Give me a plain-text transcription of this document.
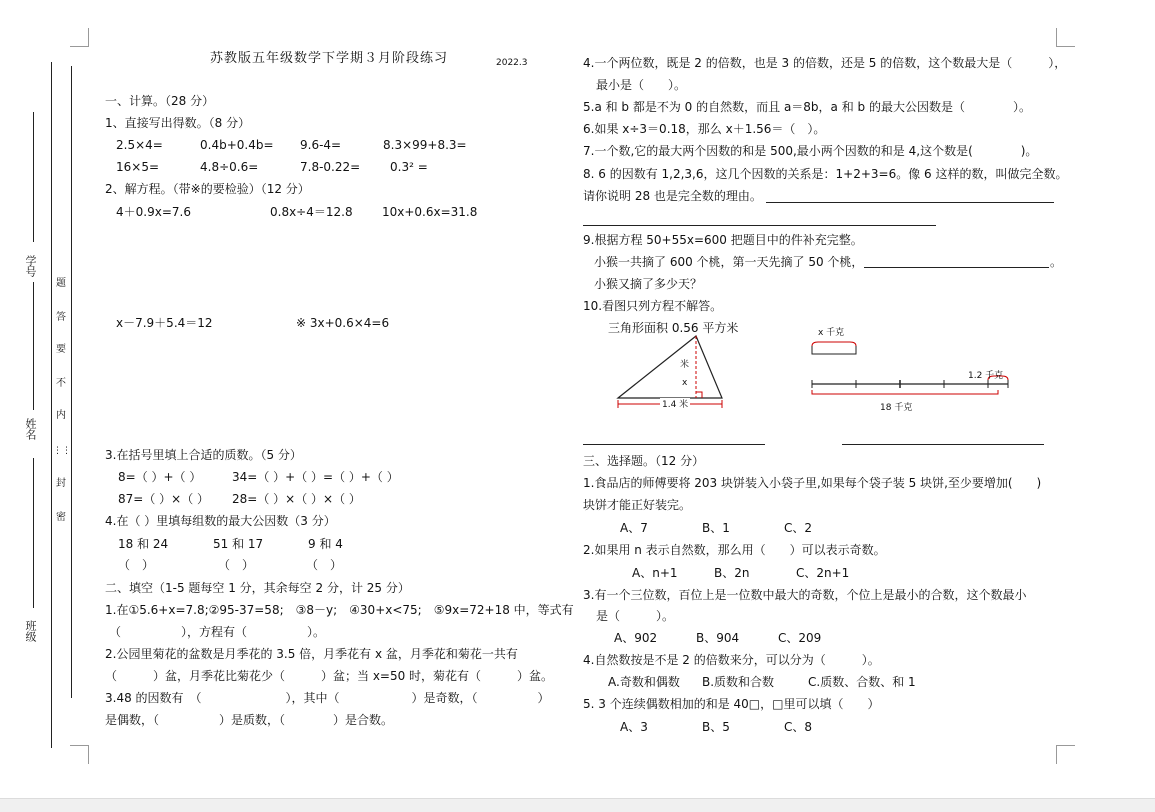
学号
姓名
班级
⋮⋮
题
答
要
不
内
封
密
苏教版五年级数学下学期３月阶段练习	2022.3
一、计算。（28 分）
1、直接写出得数。（8 分）
2.5×4=	0.4b+0.4b= 9.6-4=	8.3×99+8.3=
16×5=	4.8÷0.6=	7.8-0.22= 0.3² =
2、解方程。（带※的要检验）（12 分）
4＋0.9x=7.6	0.8x÷4＝12.8 10x+0.6x=31.8
x－7.9＋5.4＝12	※ 3x+0.6×4=6
3.在括号里填上合适的质数。（5 分）
8=（ ）+（ ）	34=（ ）+（ ）=（ ）+（ ）
87=（ ）×（ ） 28=（ ）×（ ）×（ ）
4.在（ ）里填每组数的最大公因数（3 分）
18 和 24	51 和 17	9 和 4
（　）	（　）	（　）
二、填空（1-5 题每空 1 分，其余每空 2 分，计 25 分）
1.在①5.6+x=7.8;②95-37=58;　③8－y;　④30+x<75;　⑤9x=72+18 中，等式有
（　　　　　），方程有（　　　　　）。
2.公园里菊花的盆数是月季花的 3.5 倍，月季花有 x 盆，月季花和菊花一共有
（　　　）盆，月季花比菊花少（　　　）盆；当 x=50 时，菊花有（　　　）盆。
3.48 的因数有　（　　　　　　　），其中（　　　　　　）是奇数，（　　　　　）
是偶数，（　　　　　）是质数，（　　　　）是合数。
4.一个两位数，既是 2 的倍数，也是 3 的倍数，还是 5 的倍数，这个数最大是（　　　），
最小是（　　）。
5.a 和 b 都是不为 0 的自然数，而且 a＝8b，a 和 b 的最大公因数是（　　　　）。
6.如果 x÷3＝0.18，那么 x＋1.56＝（　）。
7.一个数,它的最大两个因数的和是 500,最小两个因数的和是 4,这个数是(　　　　)。
8. 6 的因数有 1,2,3,6，这几个因数的关系是：1+2+3=6。像 6 这样的数，叫做完全数。
请你说明 28 也是完全数的理由。
9.根据方程 50+55x=600 把题目中的件补充完整。
小猴一共摘了 600 个桃，第一天先摘了 50 个桃，	。
小猴又摘了多少天？
10.看图只列方程不解答。
三角形面积 0.56 平方米
米
x
1.4 米
x 千克
1.2 千克
18 千克
三、选择题。（12 分）
1.食品店的师傅要将 203 块饼装入小袋子里,如果每个袋子装 5 块饼,至少要增加(　　)
块饼才能正好装完。
A、7	B、1	C、2
2.如果用 n 表示自然数，那么用（　　）可以表示奇数。
A、n+1	B、2n	C、2n+1
3.有一个三位数，百位上是一位数中最大的奇数，个位上是最小的合数，这个数最小
是（　　　）。
A、902	B、904	C、209
4.自然数按是不是 2 的倍数来分，可以分为（　　　）。
A.奇数和偶数 B.质数和合数	C.质数、合数、和 1
5. 3 个连续偶数相加的和是 40□，□里可以填（　　）
A、3	B、5	C、8
